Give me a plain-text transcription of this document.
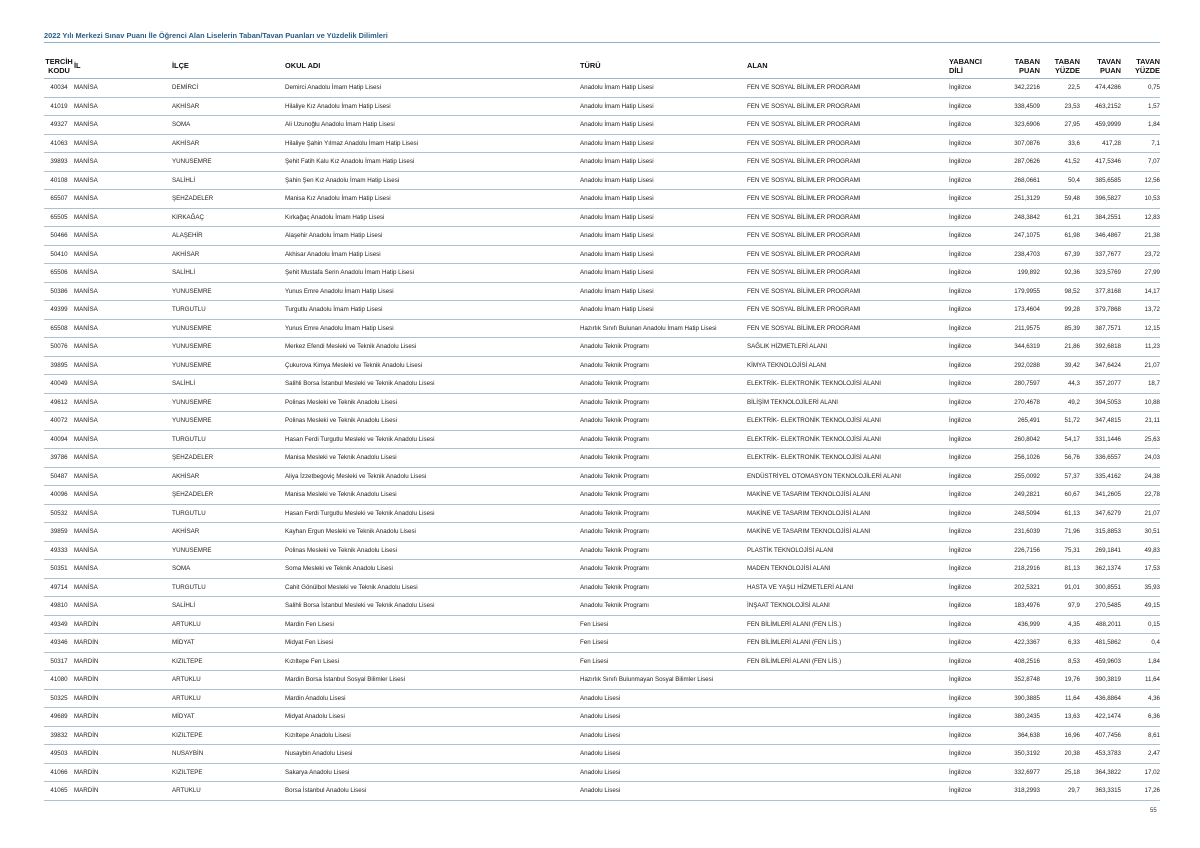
2022 Yılı Merkezi Sınav Puanı İle Öğrenci Alan Liselerin Taban/Tavan Puanları ve Yüzdelik Dilimleri
TERCİH KODU	İL	İLÇE	OKUL ADI	TÜRÜ	ALAN	YABANCI DİLİ	TABAN PUAN	TABAN YÜZDE	TAVAN PUAN	TAVAN YÜZDE
40034	MANİSA	DEMİRCİ	Demirci Anadolu İmam Hatip Lisesi	Anadolu İmam Hatip Lisesi	FEN VE SOSYAL BİLİMLER PROGRAMI	İngilizce	342,2216	22,5	474,4286	0,75
41019	MANİSA	AKHİSAR	Hilaliye Kız Anadolu İmam Hatip Lisesi	Anadolu İmam Hatip Lisesi	FEN VE SOSYAL BİLİMLER PROGRAMI	İngilizce	338,4509	23,53	463,2152	1,57
49327	MANİSA	SOMA	Ali Uzunoğlu Anadolu İmam Hatip Lisesi	Anadolu İmam Hatip Lisesi	FEN VE SOSYAL BİLİMLER PROGRAMI	İngilizce	323,6906	27,95	459,9999	1,84
41063	MANİSA	AKHİSAR	Hilaliye Şahin Yılmaz Anadolu İmam Hatip Lisesi	Anadolu İmam Hatip Lisesi	FEN VE SOSYAL BİLİMLER PROGRAMI	İngilizce	307,0876	33,6	417,28	7,1
39893	MANİSA	YUNUSEMRE	Şehit Fatih Kalu Kız Anadolu İmam Hatip Lisesi	Anadolu İmam Hatip Lisesi	FEN VE SOSYAL BİLİMLER PROGRAMI	İngilizce	287,0626	41,52	417,5346	7,07
40108	MANİSA	SALİHLİ	Şahin Şen Kız Anadolu İmam Hatip Lisesi	Anadolu İmam Hatip Lisesi	FEN VE SOSYAL BİLİMLER PROGRAMI	İngilizce	268,0661	50,4	385,6585	12,56
65507	MANİSA	ŞEHZADELER	Manisa Kız Anadolu İmam Hatip Lisesi	Anadolu İmam Hatip Lisesi	FEN VE SOSYAL BİLİMLER PROGRAMI	İngilizce	251,3129	59,48	396,5827	10,53
65505	MANİSA	KIRKAĞAÇ	Kırkağaç Anadolu İmam Hatip Lisesi	Anadolu İmam Hatip Lisesi	FEN VE SOSYAL BİLİMLER PROGRAMI	İngilizce	248,3842	61,21	384,2551	12,83
50466	MANİSA	ALAŞEHİR	Alaşehir Anadolu İmam Hatip Lisesi	Anadolu İmam Hatip Lisesi	FEN VE SOSYAL BİLİMLER PROGRAMI	İngilizce	247,1075	61,98	346,4867	21,38
50410	MANİSA	AKHİSAR	Akhisar Anadolu İmam Hatip Lisesi	Anadolu İmam Hatip Lisesi	FEN VE SOSYAL BİLİMLER PROGRAMI	İngilizce	238,4703	67,39	337,7677	23,72
65506	MANİSA	SALİHLİ	Şehit Mustafa Serin Anadolu İmam Hatip Lisesi	Anadolu İmam Hatip Lisesi	FEN VE SOSYAL BİLİMLER PROGRAMI	İngilizce	199,892	92,36	323,5769	27,99
50386	MANİSA	YUNUSEMRE	Yunus Emre Anadolu İmam Hatip Lisesi	Anadolu İmam Hatip Lisesi	FEN VE SOSYAL BİLİMLER PROGRAMI	İngilizce	179,9955	98,52	377,8168	14,17
49399	MANİSA	TURGUTLU	Turgutlu Anadolu İmam Hatip Lisesi	Anadolu İmam Hatip Lisesi	FEN VE SOSYAL BİLİMLER PROGRAMI	İngilizce	173,4604	99,28	379,7868	13,72
65508	MANİSA	YUNUSEMRE	Yunus Emre Anadolu İmam Hatip Lisesi	Hazırlık Sınıfı Bulunan Anadolu İmam Hatip Lisesi	FEN VE SOSYAL BİLİMLER PROGRAMI	İngilizce	211,9575	85,39	387,7571	12,15
50076	MANİSA	YUNUSEMRE	Merkez Efendi Mesleki ve Teknik Anadolu Lisesi	Anadolu Teknik Programı	SAĞLIK HİZMETLERİ ALANI	İngilizce	344,6319	21,86	392,6818	11,23
39895	MANİSA	YUNUSEMRE	Çukurova Kimya Mesleki ve Teknik Anadolu Lisesi	Anadolu Teknik Programı	KİMYA TEKNOLOJİSİ ALANI	İngilizce	292,0288	39,42	347,6424	21,07
40049	MANİSA	SALİHLİ	Salihli Borsa İstanbul Mesleki ve Teknik Anadolu Lisesi	Anadolu Teknik Programı	ELEKTRİK- ELEKTRONİK TEKNOLOJİSİ ALANI	İngilizce	280,7597	44,3	357,2077	18,7
49612	MANİSA	YUNUSEMRE	Polinas Mesleki ve Teknik Anadolu Lisesi	Anadolu Teknik Programı	BİLİŞİM TEKNOLOJİLERİ ALANI	İngilizce	270,4678	49,2	394,5053	10,88
40072	MANİSA	YUNUSEMRE	Polinas Mesleki ve Teknik Anadolu Lisesi	Anadolu Teknik Programı	ELEKTRİK- ELEKTRONİK TEKNOLOJİSİ ALANI	İngilizce	265,491	51,72	347,4815	21,11
40094	MANİSA	TURGUTLU	Hasan Ferdi Turgutlu Mesleki ve Teknik Anadolu Lisesi	Anadolu Teknik Programı	ELEKTRİK- ELEKTRONİK TEKNOLOJİSİ ALANI	İngilizce	260,8042	54,17	331,1446	25,63
39786	MANİSA	ŞEHZADELER	Manisa Mesleki ve Teknik Anadolu Lisesi	Anadolu Teknik Programı	ELEKTRİK- ELEKTRONİK TEKNOLOJİSİ ALANI	İngilizce	256,1026	56,76	336,6557	24,03
50487	MANİSA	AKHİSAR	Aliya İzzetbegoviç Mesleki ve Teknik Anadolu Lisesi	Anadolu Teknik Programı	ENDÜSTRİYEL OTOMASYON TEKNOLOJİLERİ ALANI	İngilizce	255,0092	57,37	335,4162	24,38
40096	MANİSA	ŞEHZADELER	Manisa Mesleki ve Teknik Anadolu Lisesi	Anadolu Teknik Programı	MAKİNE VE TASARIM TEKNOLOJİSİ ALANI	İngilizce	249,2821	60,67	341,2605	22,78
50532	MANİSA	TURGUTLU	Hasan Ferdi Turgutlu Mesleki ve Teknik Anadolu Lisesi	Anadolu Teknik Programı	MAKİNE VE TASARIM TEKNOLOJİSİ ALANI	İngilizce	248,5094	61,13	347,6279	21,07
39859	MANİSA	AKHİSAR	Kayhan Ergun Mesleki ve Teknik Anadolu Lisesi	Anadolu Teknik Programı	MAKİNE VE TASARIM TEKNOLOJİSİ ALANI	İngilizce	231,6039	71,96	315,8853	30,51
49333	MANİSA	YUNUSEMRE	Polinas Mesleki ve Teknik Anadolu Lisesi	Anadolu Teknik Programı	PLASTİK TEKNOLOJİSİ ALANI	İngilizce	226,7156	75,31	269,1841	49,83
50351	MANİSA	SOMA	Soma Mesleki ve Teknik Anadolu Lisesi	Anadolu Teknik Programı	MADEN TEKNOLOJİSİ ALANI	İngilizce	218,2916	81,13	362,1374	17,53
49714	MANİSA	TURGUTLU	Cahit Gönülbol Mesleki ve Teknik Anadolu Lisesi	Anadolu Teknik Programı	HASTA VE YAŞLI HİZMETLERİ ALANI	İngilizce	202,5321	91,01	300,8551	35,93
49810	MANİSA	SALİHLİ	Salihli Borsa İstanbul Mesleki ve Teknik Anadolu Lisesi	Anadolu Teknik Programı	İNŞAAT TEKNOLOJİSİ ALANI	İngilizce	183,4976	97,9	270,5485	49,15
49349	MARDİN	ARTUKLU	Mardin Fen Lisesi	Fen Lisesi	FEN BİLİMLERİ ALANI (FEN LİS.)	İngilizce	436,999	4,35	488,2011	0,15
49346	MARDİN	MİDYAT	Midyat Fen Lisesi	Fen Lisesi	FEN BİLİMLERİ ALANI (FEN LİS.)	İngilizce	422,3367	6,33	481,5862	0,4
50317	MARDİN	KIZILTEPE	Kızıltepe Fen Lisesi	Fen Lisesi	FEN BİLİMLERİ ALANI (FEN LİS.)	İngilizce	408,2516	8,53	459,9603	1,84
41080	MARDİN	ARTUKLU	Mardin Borsa İstanbul Sosyal Bilimler Lisesi	Hazırlık Sınıfı Bulunmayan Sosyal Bilimler Lisesi		İngilizce	352,8748	19,76	390,3819	11,64
50325	MARDİN	ARTUKLU	Mardin Anadolu Lisesi	Anadolu Lisesi		İngilizce	390,3885	11,64	436,8864	4,36
49689	MARDİN	MİDYAT	Midyat Anadolu Lisesi	Anadolu Lisesi		İngilizce	380,2435	13,63	422,1474	6,36
39832	MARDİN	KIZILTEPE	Kızıltepe Anadolu Lisesi	Anadolu Lisesi		İngilizce	364,638	16,96	407,7456	8,61
49503	MARDİN	NUSAYBİN	Nusaybin Anadolu Lisesi	Anadolu Lisesi		İngilizce	350,3192	20,38	453,3783	2,47
41066	MARDİN	KIZILTEPE	Sakarya Anadolu Lisesi	Anadolu Lisesi		İngilizce	332,6977	25,18	364,3822	17,02
41065	MARDİN	ARTUKLU	Borsa İstanbul Anadolu Lisesi	Anadolu Lisesi		İngilizce	318,2993	29,7	363,3315	17,26
55
